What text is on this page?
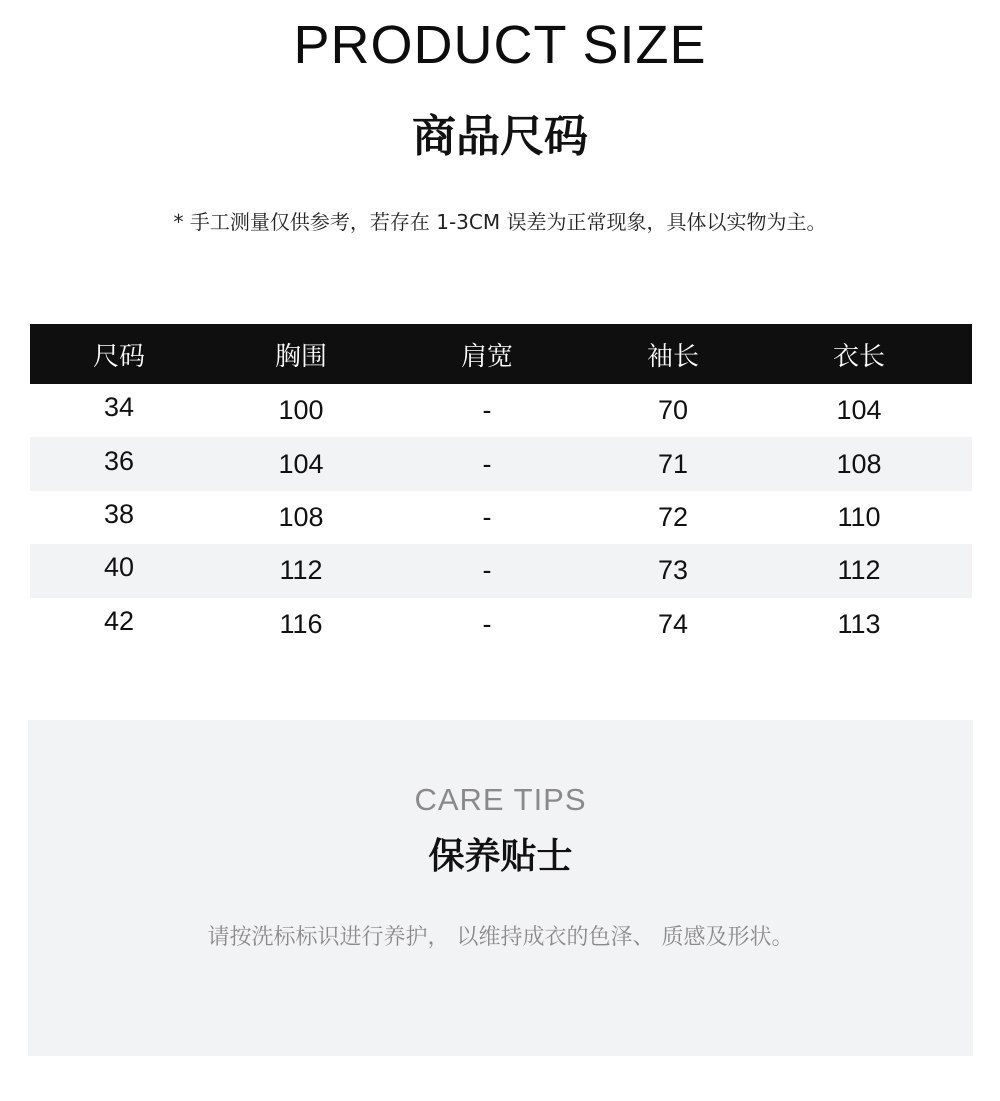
PRODUCT SIZE
商品尺码
* 手工测量仅供参考，若存在 1-3CM 误差为正常现象，具体以实物为主。
尺码	胸围	肩宽	袖长	衣长
34	100	-	70	104
36	104	-	71	108
38	108	-	72	110
40	112	-	73	112
42	116	-	74	113
CARE TIPS
保养贴士
请按洗标标识进行养护， 以维持成衣的色泽、 质感及形状。
